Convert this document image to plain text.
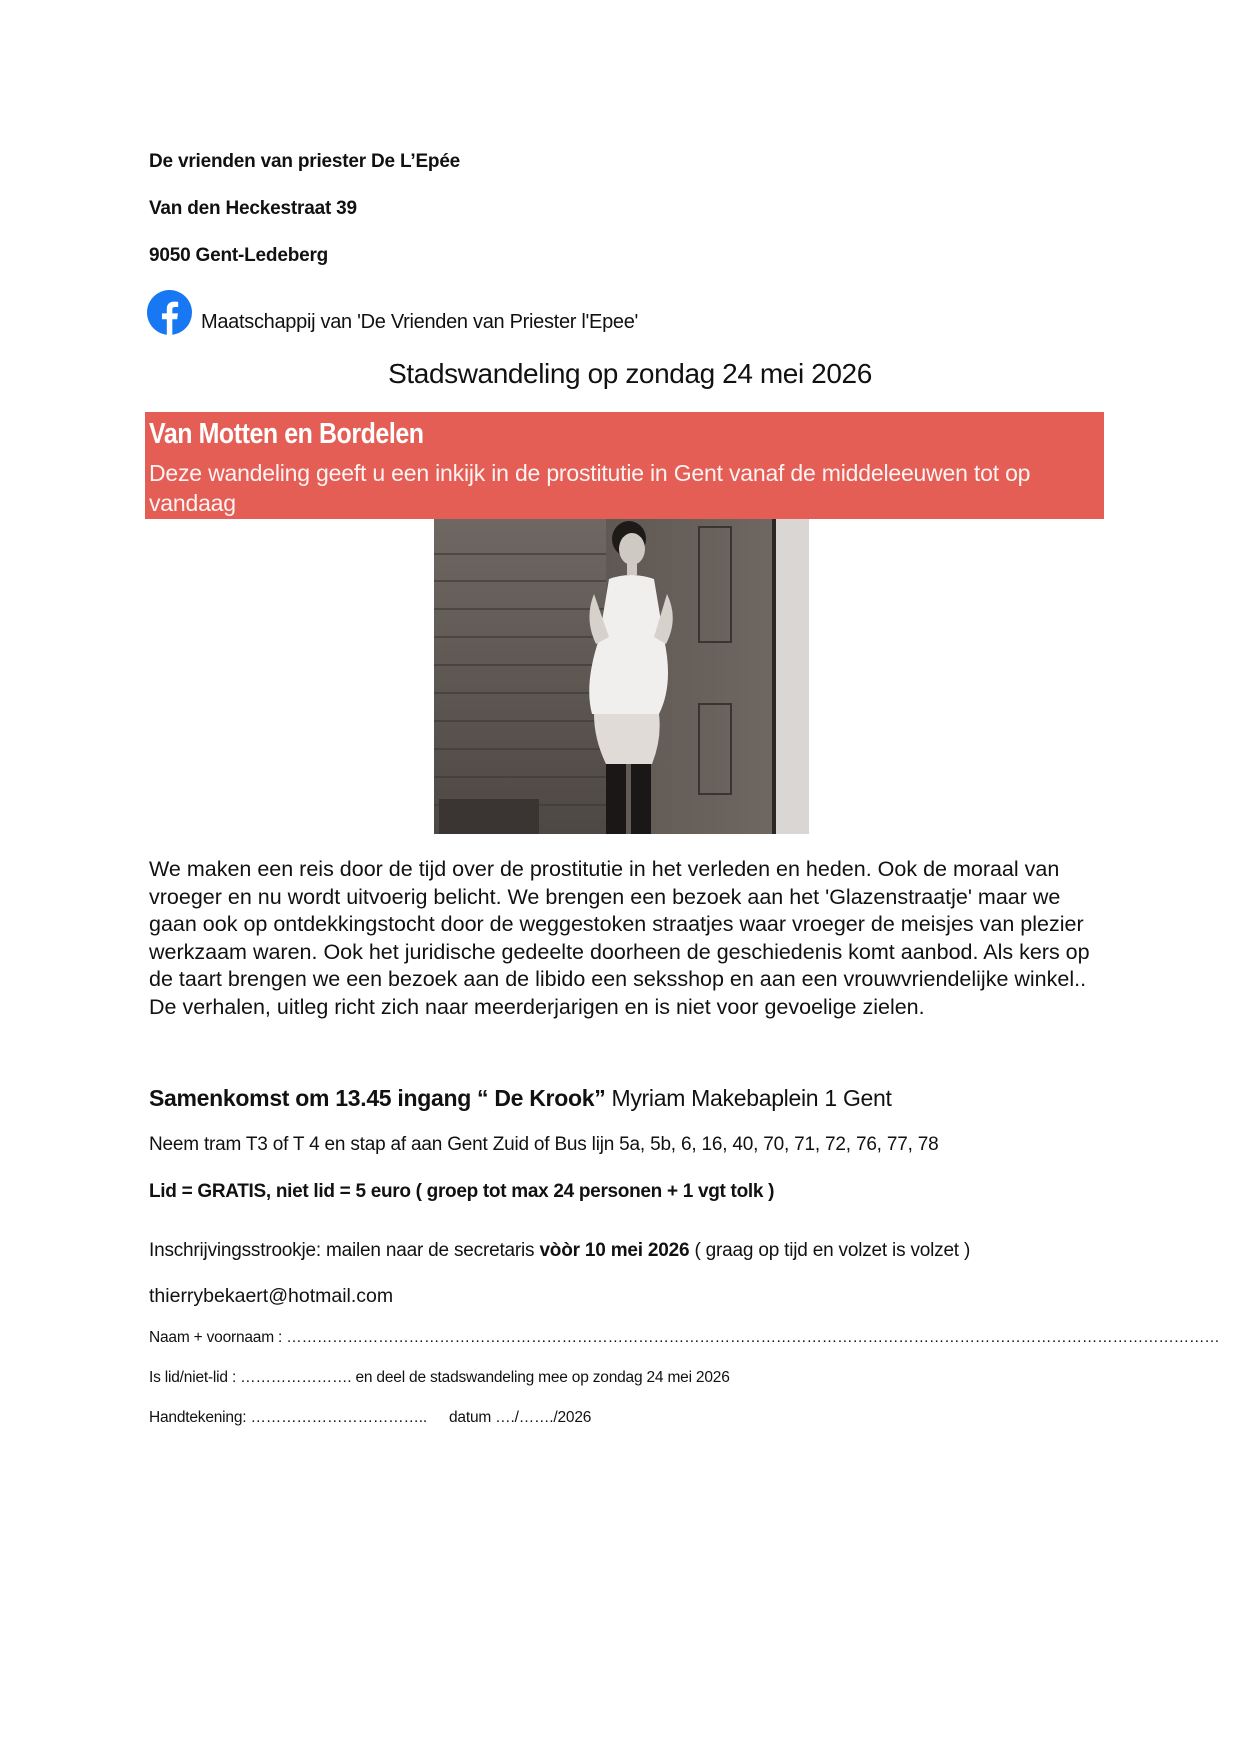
De vrienden van priester De L’Epée
Van den Heckestraat 39
9050 Gent-Ledeberg
Maatschappij van 'De Vrienden van Priester l'Epee'
Stadswandeling op zondag 24 mei 2026
Van Motten en Bordelen
Deze wandeling geeft u een inkijk in de prostitutie in Gent vanaf de middeleeuwen tot op vandaag

We maken een reis door de tijd over de prostitutie in het verleden en heden. Ook de moraal van vroeger en nu wordt uitvoerig belicht. We brengen een bezoek aan het 'Glazenstraatje' maar we gaan ook op ontdekkingstocht door de weggestoken straatjes waar vroeger de meisjes van plezier werkzaam waren. Ook het juridische gedeelte doorheen de geschiedenis komt aanbod. Als kers op de taart brengen we een bezoek aan de libido een seksshop en aan een vrouwvriendelijke winkel..

De verhalen, uitleg richt zich naar meerderjarigen en is niet voor gevoelige zielen.

Samenkomst om 13.45 ingang “ De Krook” Myriam Makebaplein 1 Gent
Neem tram T3 of T 4 en stap af aan Gent Zuid of Bus lijn 5a, 5b, 6, 16, 40, 70, 71, 72, 76, 77, 78
Lid = GRATIS, niet lid = 5 euro ( groep tot max 24 personen + 1 vgt tolk )
Inschrijvingsstrookje: mailen naar de secretaris vòòr 10 mei 2026 ( graag op tijd en volzet is volzet )
thierrybekaert@hotmail.com
Naam + voornaam : …………………………………………………………………………………………………………………………………………………………………
Is lid/niet-lid : …………………. en deel de stadswandeling mee op zondag 24 mei 2026
Handtekening: …………………………….. datum …./……./2026
